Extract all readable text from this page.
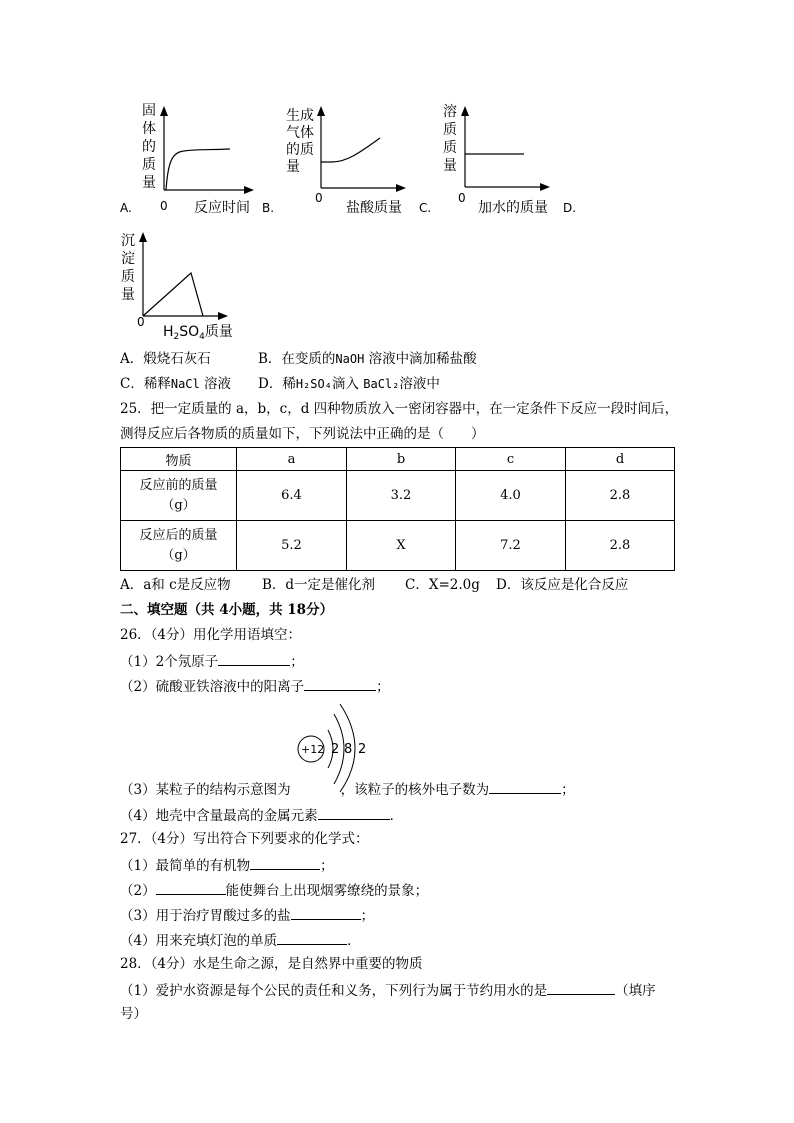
A.
固
体
的
质
量
0 反应时间 B.
生成
气体
的质
量
0
盐酸质量 C.
溶
质
质
量
0
加水的质量 D.
沉
淀
质
量
0
$H_2SO_4$质量
A．煅烧石灰石	B．在变质的NaOH 溶液中滴加稀盐酸
C．稀释NaCl 溶液 D．稀H₂SO₄滴入 BaCl₂溶液中
25．把一定质量的 a，b，c，d 四种物质放入一密闭容器中，在一定条件下反应一段时间后，
测得反应后各物质的质量如下，下列说法中正确的是（　　）
物质	a	b	c	d
反应前的质量
（g）	6.4	3.2	4.0	2.8
反应后的质量
（g）	5.2	X	7.2	2.8
A．a和 c是反应物 B．d一定是催化剂 C．X=2.0g D．该反应是化合反应
二、填空题（共 4小题，共 18分）
26．（4分）用化学用语填空：
（1）2个氖原子	；
（2）硫酸亚铁溶液中的阳离子	；
+12 2 8 2
（3）某粒子的结构示意图为	，该粒子的核外电子数为	；
（4）地壳中含量最高的金属元素	．
27．（4分）写出符合下列要求的化学式：
（1）最简单的有机物	；
（2）	能使舞台上出现烟雾缭绕的景象；
（3）用于治疗胃酸过多的盐	；
（4）用来充填灯泡的单质	．
28．（4分）水是生命之源，是自然界中重要的物质
（1）爱护水资源是每个公民的责任和义务，下列行为属于节约用水的是	（填序
号）
